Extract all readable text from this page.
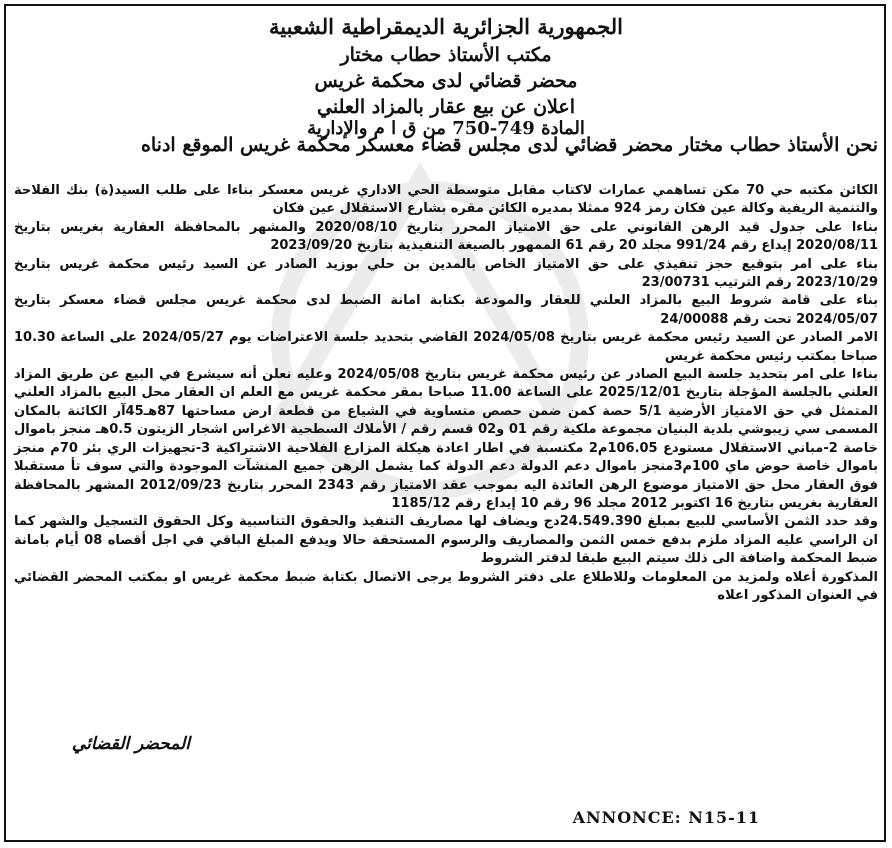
الجمهورية الجزائرية الديمقراطية الشعبية
مكتب الأستاذ حطاب مختار
محضر قضائي لدى محكمة غريس
اعلان عن بيع عقار بالمزاد العلني
المادة 749-750 من ق ا م والإدارية
نحن الأستاذ حطاب مختار محضر قضائي لدى مجلس قضاء معسكر محكمة غريس الموقع ادناه

الكائن مكتبه حي 70 مكن تساهمي عمارات لاكتاب مقابل متوسطة الحي الاداري غريس معسكر بناءا على طلب السيد(ة) بنك الفلاحة والتنمية الريفية وكالة عين فكان رمز 924 ممثلا بمديره الكائن مقره بشارع الاستقلال عين فكان

بناءا على جدول قيد الرهن القانوني على حق الامتياز المحرر بتاريخ 2020/08/10 والمشهر بالمحافظة العقارية بغريس بتاريخ 2020/08/11 إيداع رقم 991/24 مجلد 20 رقم 61 الممهور بالصيغة التنفيذية بتاريخ 2023/09/20

بناء على امر بتوقيع حجز تنفيذي على حق الامتياز الخاص بالمدين بن حلي بوزيد الصادر عن السيد رئيس محكمة غريس بتاريخ 2023/10/29 رقم الترتيب 23/00731

بناء على قامة شروط البيع بالمزاد العلني للعقار والمودعة بكتابة امانة الضبط لدى محكمة غريس مجلس قضاء معسكر بتاريخ 2024/05/07 تحت رقم 24/00088

الامر الصادر عن السيد رئيس محكمة غريس بتاريخ 2024/05/08 القاضي بتحديد جلسة الاعتراضات يوم 2024/05/27 على الساعة 10.30 صباحا بمكتب رئيس محكمة غريس

بناءا على امر بتحديد جلسة البيع الصادر عن رئيس محكمة غريس بتاريخ 2024/05/08 وعليه نعلن أنه سيشرع في البيع عن طريق المزاد العلني بالجلسة المؤجلة بتاريخ 2025/12/01 على الساعة 11.00 صباحا بمقر محكمة غريس مع العلم ان العقار محل البيع بالمزاد العلني المتمثل في حق الامتياز الأرضية 5/1 حصة كمن ضمن حصص متساوية في الشياع من قطعة ارض مساحتها 87هـ45آر الكائنة بالمكان المسمى سي زيبوشي بلدية البنيان مجموعة ملكية رقم 01 و02 قسم رقم / الأملاك السطحية الاغراس اشجار الزيتون 0.5هـ منجز باموال خاصة 2-مباني الاستقلال مستودع 106.05م2 مكتسبة في اطار اعادة هيكلة المزارع الفلاحية الاشتراكية 3-تجهيزات الري بئر 70م منجز باموال خاصة حوض ماي 100م3منجز باموال دعم الدولة دعم الدولة كما يشمل الرهن جميع المنشآت الموجودة والتي سوف تأ مستقبلا فوق العقار محل حق الامتياز موضوع الرهن العائدة اليه بموجب عقد الامتياز رقم 2343 المحرر بتاريخ 2012/09/23 المشهر بالمحافظة العقارية بغريس بتاريخ 16 اكتوبر 2012 مجلد 96 رقم 10 إيداع رقم 1185/12

وقد حدد الثمن الأساسي للبيع بمبلغ 24.549.390دج ويضاف لها مصاريف التنفيذ والحقوق التناسبية وكل الحقوق التسجيل والشهر كما ان الراسي عليه المزاد ملزم بدفع خمس الثمن والمصاريف والرسوم المستحقة حالا ويدفع المبلغ الباقي في اجل أقصاه 08 أيام بامانة ضبط المحكمة واضافة الى ذلك سيتم البيع طبقا لدفتر الشروط

المذكورة أعلاه ولمزيد من المعلومات وللاطلاع على دفتر الشروط يرجى الاتصال بكتابة ضبط محكمة غريس او بمكتب المحضر القضائي في العنوان المذكور اعلاه

المحضر القضائي
ANNONCE: N15-11
